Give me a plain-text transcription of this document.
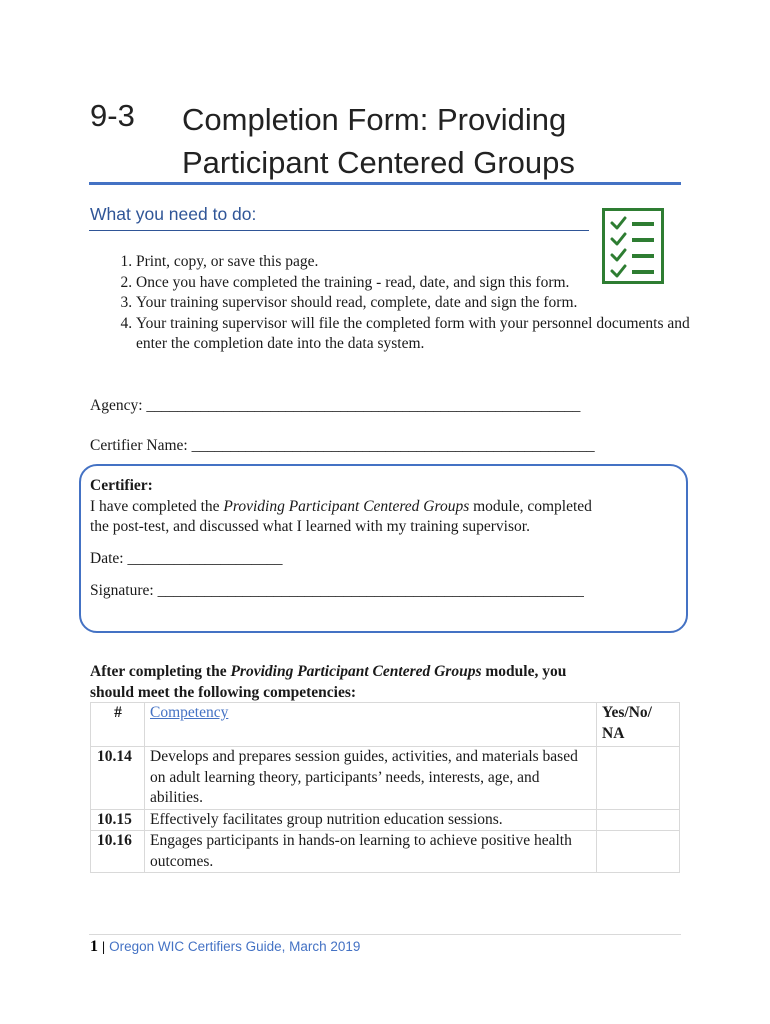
9-3 Completion Form: Providing
Participant Centered Groups
What you need to do:
1. Print, copy, or save this page.
2. Once you have completed the training - read, date, and sign this form.
3. Your training supervisor should read, complete, date and sign the form.
4. Your training supervisor will file the completed form with your personnel documents and enter the completion date into the data system.
Agency: ________________________________________________________
Certifier Name: ____________________________________________________
Certifier:
I have completed the Providing Participant Centered Groups module, completed
the post-test, and discussed what I learned with my training supervisor.
Date: ____________________
Signature: _______________________________________________________
After completing the Providing Participant Centered Groups module, you
should meet the following competencies:
#	Competency	Yes/No/ NA
10.14	Develops and prepares session guides, activities, and materials based on adult learning theory, participants’ needs, interests, age, and abilities.	
10.15	Effectively facilitates group nutrition education sessions.	
10.16	Engages participants in hands-on learning to achieve positive health outcomes.	
1 | Oregon WIC Certifiers Guide, March 2019
